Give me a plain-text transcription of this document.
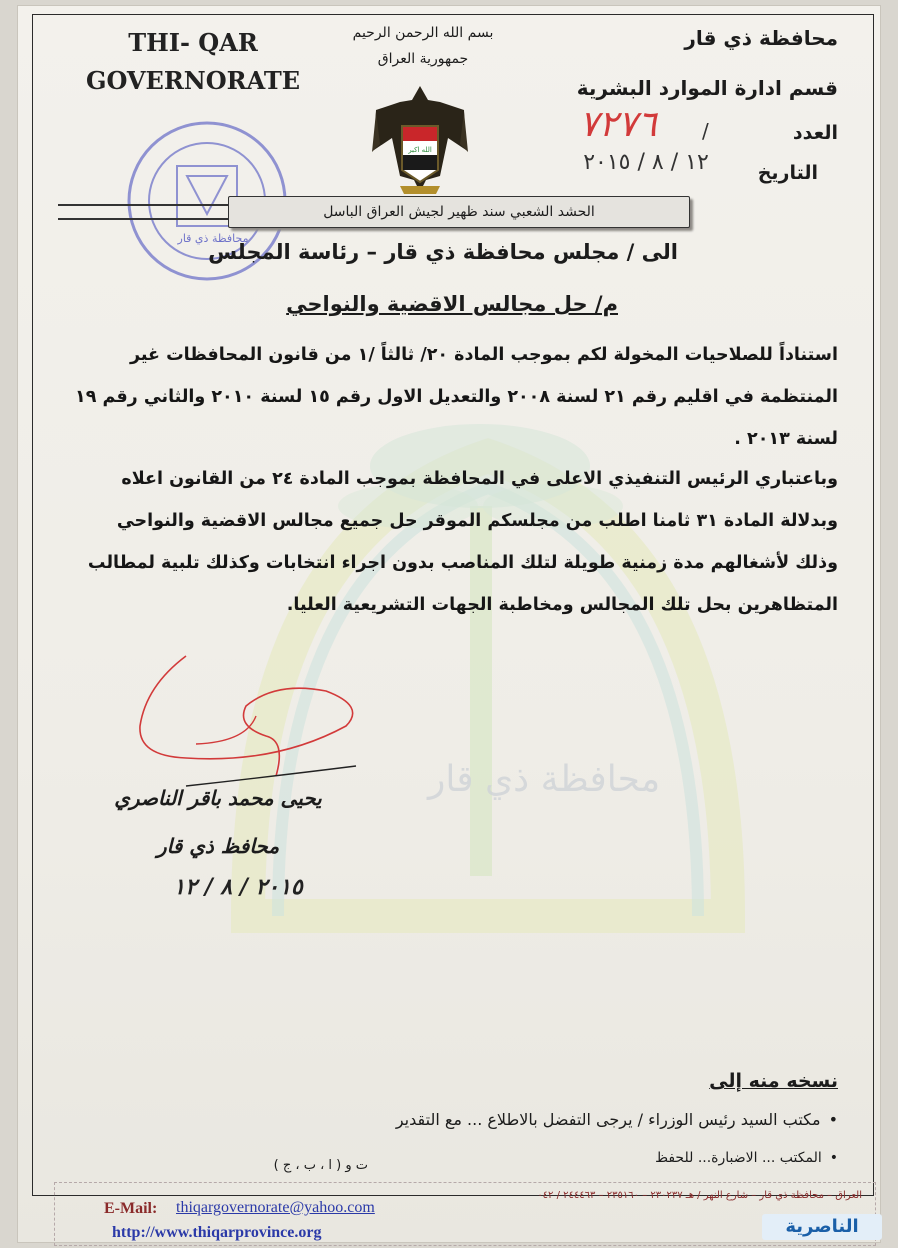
محافظة ذي قار
THI- QAR
GOVERNORATE
محافظة ذي قار
بسم الله الرحمن الرحيم
جمهورية العراق
الله اكبر
محافظة ذي قار
قسم ادارة الموارد البشرية
العدد
/
٧٢٧٦
التاريخ
١٢ / ٨ / ٢٠١٥
الحشد الشعبي سند ظهير لجيش العراق الباسل
الى / مجلس محافظة ذي قار – رئاسة المجلس
م/ حل مجالس الاقضية والنواحي
استناداً للصلاحيات المخولة لكم بموجب المادة ٢٠/ ثالثاً /١ من قانون المحافظات غير المنتظمة في اقليم رقم ٢١ لسنة ٢٠٠٨ والتعديل الاول رقم ١٥ لسنة ٢٠١٠ والثاني رقم ١٩ لسنة ٢٠١٣ .
وباعتباري الرئيس التنفيذي الاعلى في المحافظة بموجب المادة ٢٤ من القانون اعلاه وبدلالة المادة ٣١ ثامنا اطلب من مجلسكم الموقر حل جميع مجالس الاقضية والنواحي وذلك لأشغالهم مدة زمنية طويلة لتلك المناصب بدون اجراء انتخابات وكذلك تلبية لمطالب المتظاهرين بحل تلك المجالس ومخاطبة الجهات التشريعية العليا.
يحيى محمد باقر الناصري
محافظ ذي قار
٢٠١٥ / ٨ / ١٢
نسخه منه إلى
• مكتب السيد رئيس الوزراء / يرجى التفضل بالاطلاع ... مع التقدير
• المكتب ... الاضبارة... للحفظ
ت و ( ا ، ب ، ج )
العراق – محافظة ذي قار – شارع النهر / هـ ٢٣٠٢٣٧ – ٢٣٥١٦٠ – ٢٤٤٤٦٣ / ٠٤٢
E-Mail: thiqargovernorate@yahoo.com
http://www.thiqarprovince.org	الناصرية
